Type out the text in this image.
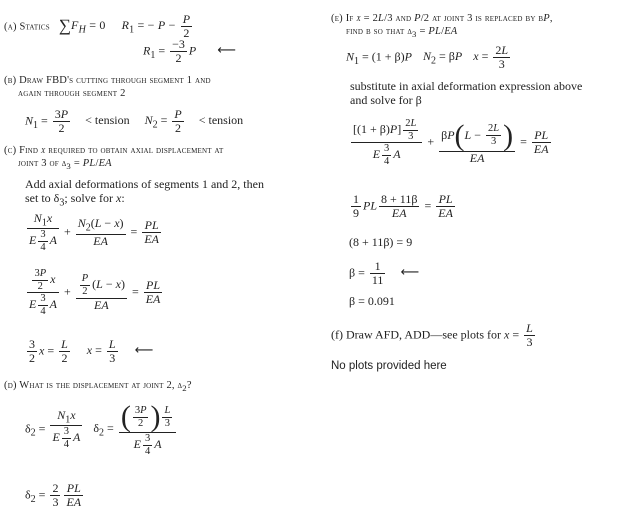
(a) Statics $\sum F_H = 0$     $R_1$ = − $P - \frac{P}{2}$
$R_1 = \frac{-3}{2}$ P ⟵
(b) Draw FBD's cutting through segment 1 and
again through segment 2
$N_1 = \frac{3P}{2}$ < tension $N_2 = \frac{P}{2}$ < tension
(c) Find x required to obtain axial displacement at
joint 3 of $\delta_3 = PL/EA$
Add axial deformations of segments 1 and 2, then
set to $\delta_3$; solve for x:
$\frac{N_1x}{E \frac{3}{4} A} + \frac{N_2(L - x)}{EA} = \frac{PL}{EA}$
$\frac{\frac{3P}{2} x}{E \frac{3}{4} A} + \frac{\frac{P}{2} (L - x)}{EA} = \frac{PL}{EA}$
$\frac{3}{2}$ $x = \frac{L}{2}$ $x = \frac{L}{3}$ ⟵
(d) What is the displacement at joint 2, $\delta_2$?
$\delta_2 = \frac{N_1x}{E \frac{3}{4} A} \delta_2 = \frac{( \frac{3P}{2} ) \frac{L}{3}}{E \frac{3}{4} A}$
$\delta_2 = \frac{2}{3} \frac{PL}{EA}$
(e) If x = 2L/3 and P/2 at joint 3 is replaced by βP,
find β so that $\delta_3 = PL/EA$
$N_1 = (1 + \beta)P$ $N_2 = \beta P$ $x = \frac{2L}{3}$
substitute in axial deformation expression above
and solve for β
$\frac{[(1 + \beta)P] \frac{2L}{3}}{E \frac{3}{4} A} + \frac{\beta P(L - \frac{2L}{3} )}{EA} = \frac{PL}{EA}$
$\frac{1}{9}$ PL $\frac{8 + 11\beta}{EA} = \frac{PL}{EA}$
(8 + 11β) = 9
$\beta = \frac{1}{11}$ ⟵
β = 0.091
(f) Draw AFD, ADD—see plots for $x = \frac{L}{3}$
No plots provided here
